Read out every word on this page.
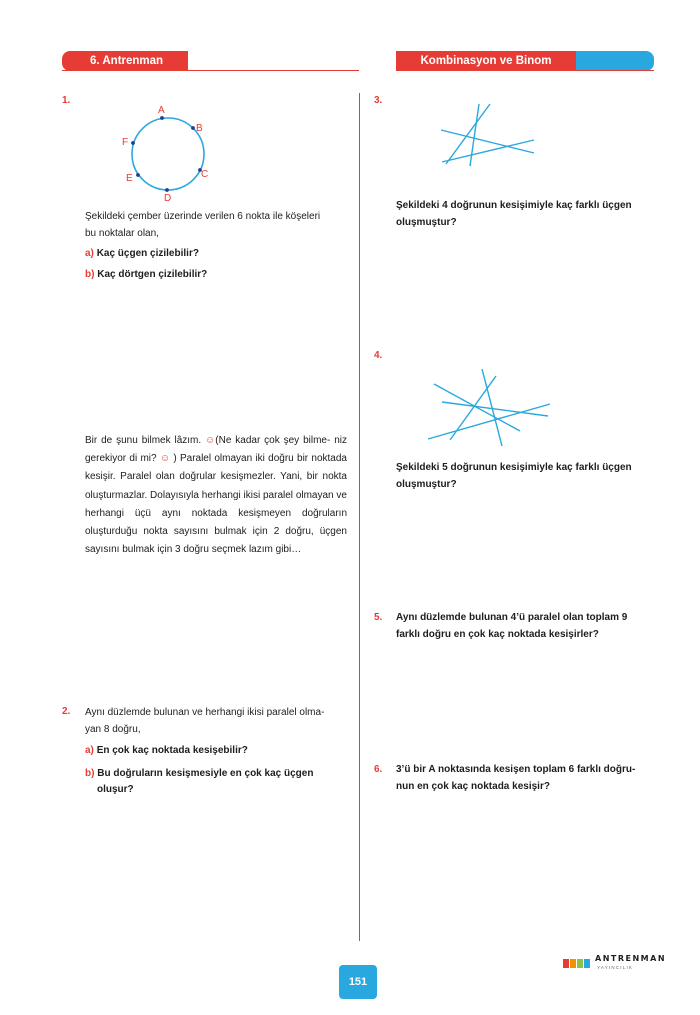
6. Antrenman	Kombinasyon ve Binom
1.
A
B
C
D
E
F
Şekildeki çember üzerinde verilen 6 nokta ile köşeleri
bu noktalar olan,
a) Kaç üçgen çizilebilir?
b) Kaç dörtgen çizilebilir?
Bir de şunu bilmek lâzım. ☺(Ne kadar çok şey bilme- niz gerekiyor di mi? ☺ ) Paralel olmayan iki doğru bir noktada kesişir. Paralel olan doğrular kesişmezler. Yani, bir nokta oluşturmazlar. Dolayısıyla herhangi ikisi paralel olmayan ve herhangi üçü aynı noktada kesişmeyen doğruların oluşturduğu nokta sayısını bulmak için 2 doğru, üçgen sayısını bulmak için 3 doğru seçmek lazım gibi…
2. Aynı düzlemde bulunan ve herhangi ikisi paralel olma-
yan 8 doğru,
a) En çok kaç noktada kesişebilir?
b) Bu doğruların kesişmesiyle en çok kaç üçgen
oluşur?
3.
Şekildeki 4 doğrunun kesişimiyle kaç farklı üçgen
oluşmuştur?
4.
Şekildeki 5 doğrunun kesişimiyle kaç farklı üçgen
oluşmuştur?
5. Aynı düzlemde bulunan 4’ü paralel olan toplam 9
farklı doğru en çok kaç noktada kesişirler?
6. 3’ü bir A noktasında kesişen toplam 6 farklı doğru-
nun en çok kaç noktada kesişir?
ANTRENMAN
YAYINCILIK
151
